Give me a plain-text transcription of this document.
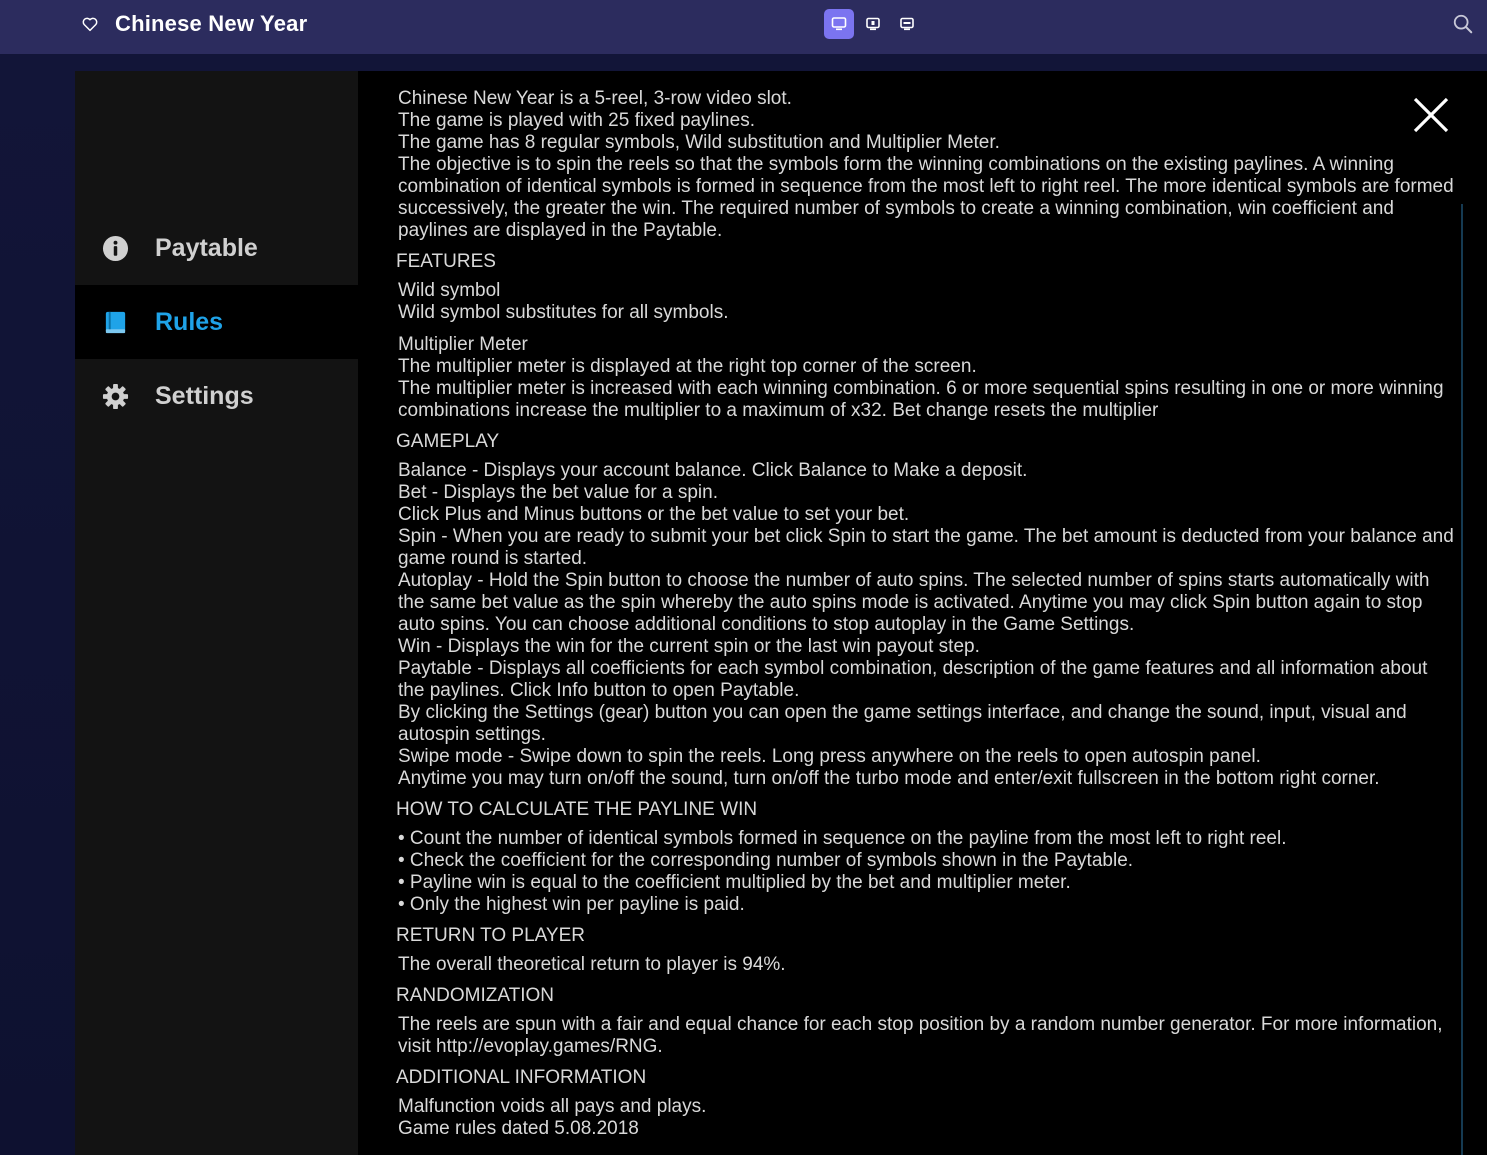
Chinese New Year
Paytable
Rules
Settings
Chinese New Year is a 5-reel, 3-row video slot.
The game is played with 25 fixed paylines.
The game has 8 regular symbols, Wild substitution and Multiplier Meter.
The objective is to spin the reels so that the symbols form the winning combinations on the existing paylines. A winning combination of identical symbols is formed in sequence from the most left to right reel. The more identical symbols are formed successively, the greater the win. The required number of symbols to create a winning combination, win coefficient and paylines are displayed in the Paytable.
FEATURES
Wild symbol
Wild symbol substitutes for all symbols.
Multiplier Meter
The multiplier meter is displayed at the right top corner of the screen.
The multiplier meter is increased with each winning combination. 6 or more sequential spins resulting in one or more winning combinations increase the multiplier to a maximum of x32. Bet change resets the multiplier
GAMEPLAY
Balance - Displays your account balance. Click Balance to Make a deposit.
Bet - Displays the bet value for a spin.
Click Plus and Minus buttons or the bet value to set your bet.
Spin - When you are ready to submit your bet click Spin to start the game. The bet amount is deducted from your balance and game round is started.
Autoplay - Hold the Spin button to choose the number of auto spins. The selected number of spins starts automatically with the same bet value as the spin whereby the auto spins mode is activated. Anytime you may click Spin button again to stop auto spins. You can choose additional conditions to stop autoplay in the Game Settings.
Win - Displays the win for the current spin or the last win payout step.
Paytable - Displays all coefficients for each symbol combination, description of the game features and all information about the paylines. Click Info button to open Paytable.
By clicking the Settings (gear) button you can open the game settings interface, and change the sound, input, visual and autospin settings.
Swipe mode - Swipe down to spin the reels. Long press anywhere on the reels to open autospin panel.
Anytime you may turn on/off the sound, turn on/off the turbo mode and enter/exit fullscreen in the bottom right corner.
HOW TO CALCULATE THE PAYLINE WIN
• Count the number of identical symbols formed in sequence on the payline from the most left to right reel.
• Check the coefficient for the corresponding number of symbols shown in the Paytable.
• Payline win is equal to the coefficient multiplied by the bet and multiplier meter.
• Only the highest win per payline is paid.
RETURN TO PLAYER
The overall theoretical return to player is 94%.
RANDOMIZATION
The reels are spun with a fair and equal chance for each stop position by a random number generator. For more information, visit http://evoplay.games/RNG.
ADDITIONAL INFORMATION
Malfunction voids all pays and plays.
Game rules dated 5.08.2018
